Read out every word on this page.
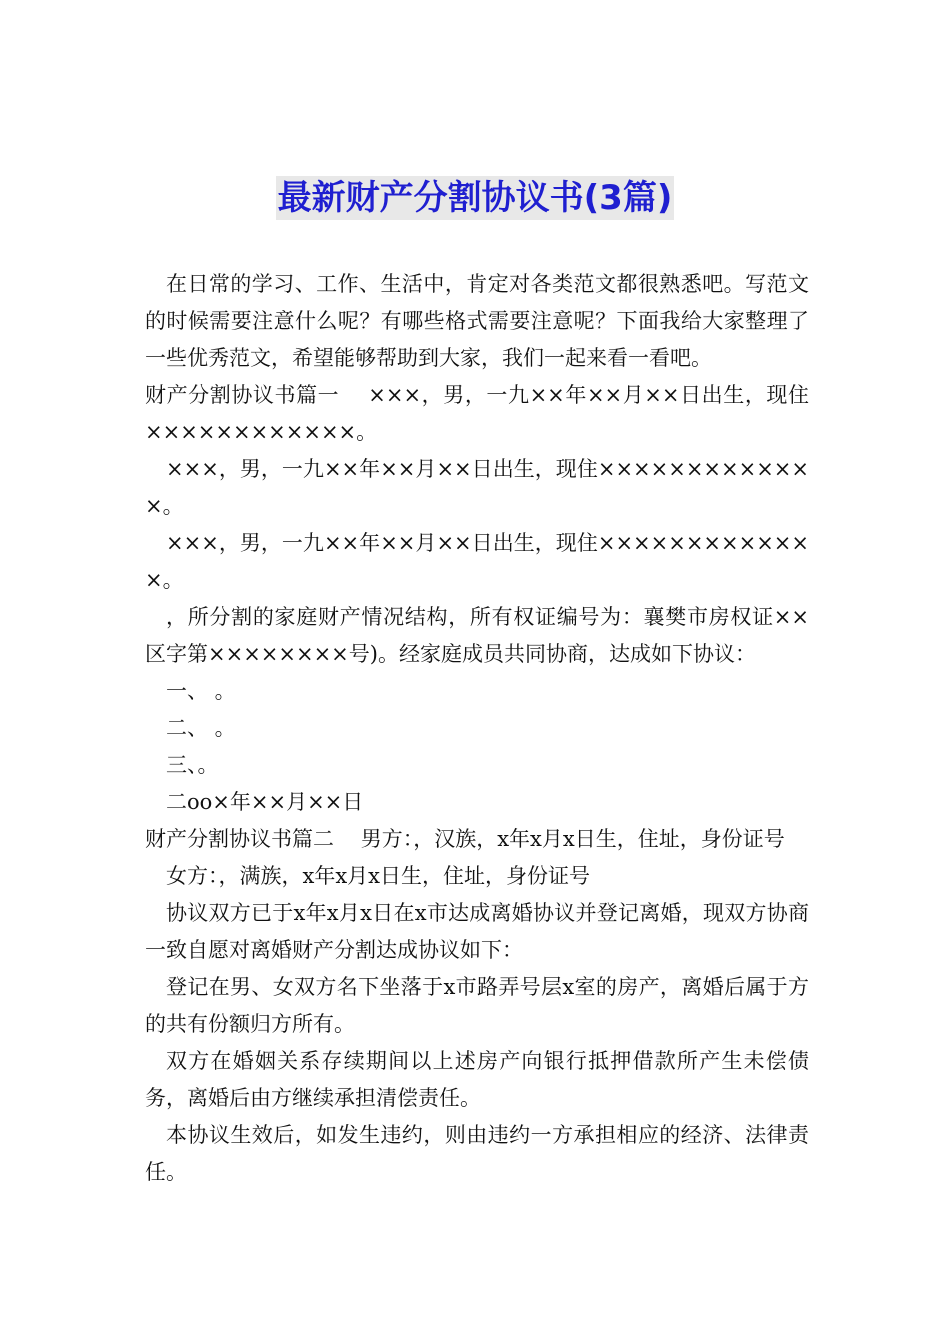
最新财产分割协议书(3篇)

在日常的学习、工作、生活中，肯定对各类范文都很熟悉吧。写范文的时候需要注意什么呢？有哪些格式需要注意呢？下面我给大家整理了一些优秀范文，希望能够帮助到大家，我们一起来看一看吧。

财产分割协议书篇一    ×××，男，一九××年××月××日出生，现住××××××××××××。

×××，男，一九××年××月××日出生，现住×××××××××××××。

×××，男，一九××年××月××日出生，现住×××××××××××××。

，所分割的家庭财产情况结构，所有权证编号为：襄樊市房权证××区字第××××××××号)。经家庭成员共同协商，达成如下协议：

一、 。

二、 。

三、。

二oo×年××月××日

财产分割协议书篇二    男方：，汉族，x年x月x日生，住址，身份证号

女方：，满族，x年x月x日生，住址，身份证号

协议双方已于x年x月x日在x市达成离婚协议并登记离婚，现双方协商一致自愿对离婚财产分割达成协议如下：

登记在男、女双方名下坐落于x市路弄号层x室的房产，离婚后属于方的共有份额归方所有。

双方在婚姻关系存续期间以上述房产向银行抵押借款所产生未偿债务，离婚后由方继续承担清偿责任。

本协议生效后，如发生违约，则由违约一方承担相应的经济、法律责任。
